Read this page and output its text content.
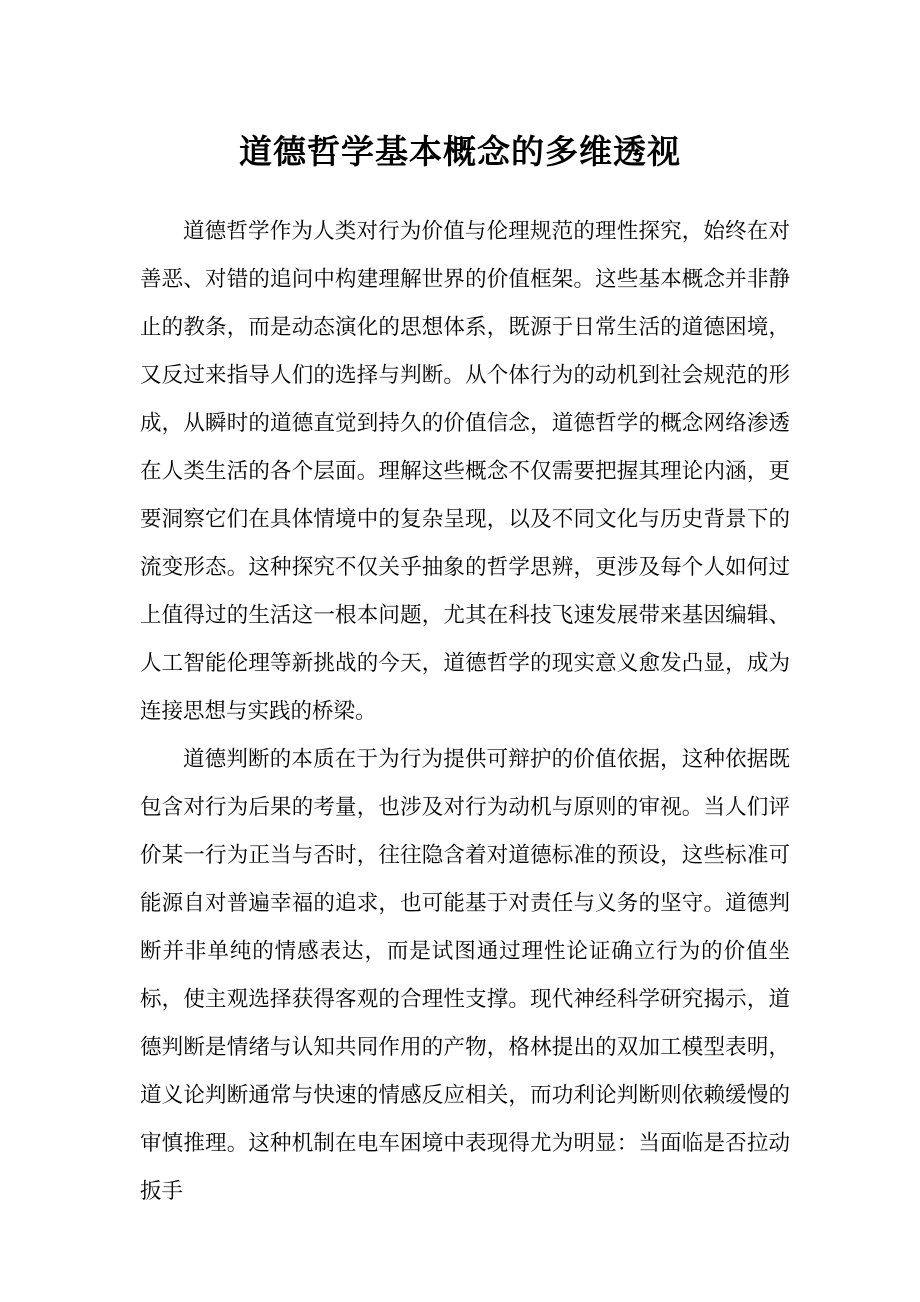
道德哲学基本概念的多维透视

道德哲学作为人类对行为价值与伦理规范的理性探究，始终在对善恶、对错的追问中构建理解世界的价值框架。这些基本概念并非静止的教条，而是动态演化的思想体系，既源于日常生活的道德困境，又反过来指导人们的选择与判断。从个体行为的动机到社会规范的形成，从瞬时的道德直觉到持久的价值信念，道德哲学的概念网络渗透在人类生活的各个层面。理解这些概念不仅需要把握其理论内涵，更要洞察它们在具体情境中的复杂呈现，以及不同文化与历史背景下的流变形态。这种探究不仅关乎抽象的哲学思辨，更涉及每个人如何过上值得过的生活这一根本问题，尤其在科技飞速发展带来基因编辑、人工智能伦理等新挑战的今天，道德哲学的现实意义愈发凸显，成为连接思想与实践的桥梁。

道德判断的本质在于为行为提供可辩护的价值依据，这种依据既包含对行为后果的考量，也涉及对行为动机与原则的审视。当人们评价某一行为正当与否时，往往隐含着对道德标准的预设，这些标准可能源自对普遍幸福的追求，也可能基于对责任与义务的坚守。道德判断并非单纯的情感表达，而是试图通过理性论证确立行为的价值坐标，使主观选择获得客观的合理性支撑。现代神经科学研究揭示，道德判断是情绪与认知共同作用的产物，格林提出的双加工模型表明，道义论判断通常与快速的情感反应相关，而功利论判断则依赖缓慢的审慎推理。这种机制在电车困境中表现得尤为明显：当面临是否拉动扳手
